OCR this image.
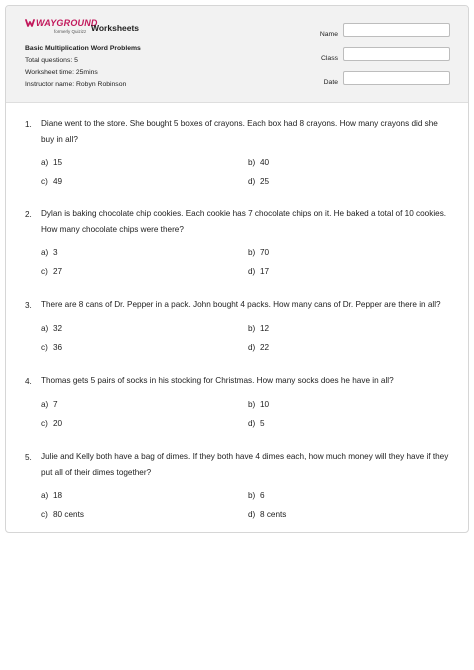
WAYGROUND
formerly Quizizz Worksheets
Basic Multiplication Word Problems
Total questions: 5
Worksheet time: 25mins
Instructor name: Robyn Robinson
Name
Class
Date
1. Diane went to the store. She bought 5 boxes of crayons. Each box had 8 crayons. How many crayons did she buy in all?
a) 15	b) 40
c) 49	d) 25
2. Dylan is baking chocolate chip cookies. Each cookie has 7 chocolate chips on it. He baked a total of 10 cookies. How many chocolate chips were there?
a) 3	b) 70
c) 27	d) 17
3. There are 8 cans of Dr. Pepper in a pack. John bought 4 packs. How many cans of Dr. Pepper are there in all?
a) 32	b) 12
c) 36	d) 22
4. Thomas gets 5 pairs of socks in his stocking for Christmas. How many socks does he have in all?
a) 7	b) 10
c) 20	d) 5
5. Julie and Kelly both have a bag of dimes. If they both have 4 dimes each, how much money will they have if they put all of their dimes together?
a) 18	b) 6
c) 80 cents	d) 8 cents
